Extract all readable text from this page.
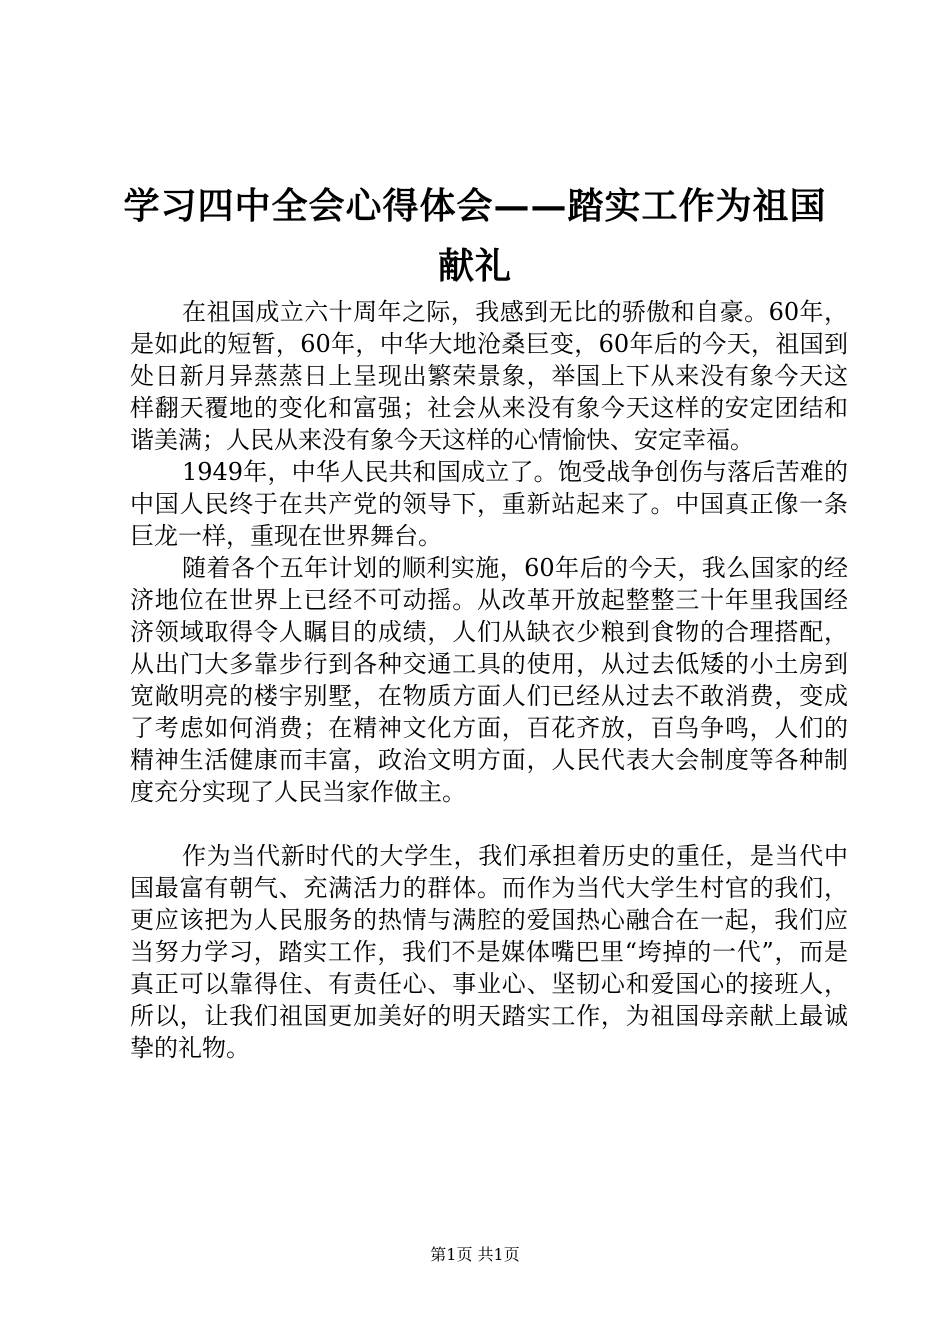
学习四中全会心得体会——踏实工作为祖国献礼

在祖国成立六十周年之际，我感到无比的骄傲和自豪。60年，是如此的短暂，60年，中华大地沧桑巨变，60年后的今天，祖国到处日新月异蒸蒸日上呈现出繁荣景象，举国上下从来没有象今天这样翻天覆地的变化和富强；社会从来没有象今天这样的安定团结和谐美满；人民从来没有象今天这样的心情愉快、安定幸福。

1949年，中华人民共和国成立了。饱受战争创伤与落后苦难的中国人民终于在共产党的领导下，重新站起来了。中国真正像一条巨龙一样，重现在世界舞台。

随着各个五年计划的顺利实施，60年后的今天，我么国家的经济地位在世界上已经不可动摇。从改革开放起整整三十年里我国经济领域取得令人瞩目的成绩，人们从缺衣少粮到食物的合理搭配，从出门大多靠步行到各种交通工具的使用，从过去低矮的小土房到宽敞明亮的楼宇别墅，在物质方面人们已经从过去不敢消费，变成了考虑如何消费；在精神文化方面，百花齐放，百鸟争鸣，人们的精神生活健康而丰富，政治文明方面，人民代表大会制度等各种制度充分实现了人民当家作做主。

作为当代新时代的大学生，我们承担着历史的重任，是当代中国最富有朝气、充满活力的群体。而作为当代大学生村官的我们，更应该把为人民服务的热情与满腔的爱国热心融合在一起，我们应当努力学习，踏实工作，我们不是媒体嘴巴里“垮掉的一代”，而是真正可以靠得住、有责任心、事业心、坚韧心和爱国心的接班人，所以，让我们祖国更加美好的明天踏实工作，为祖国母亲献上最诚挚的礼物。

第1页 共1页
